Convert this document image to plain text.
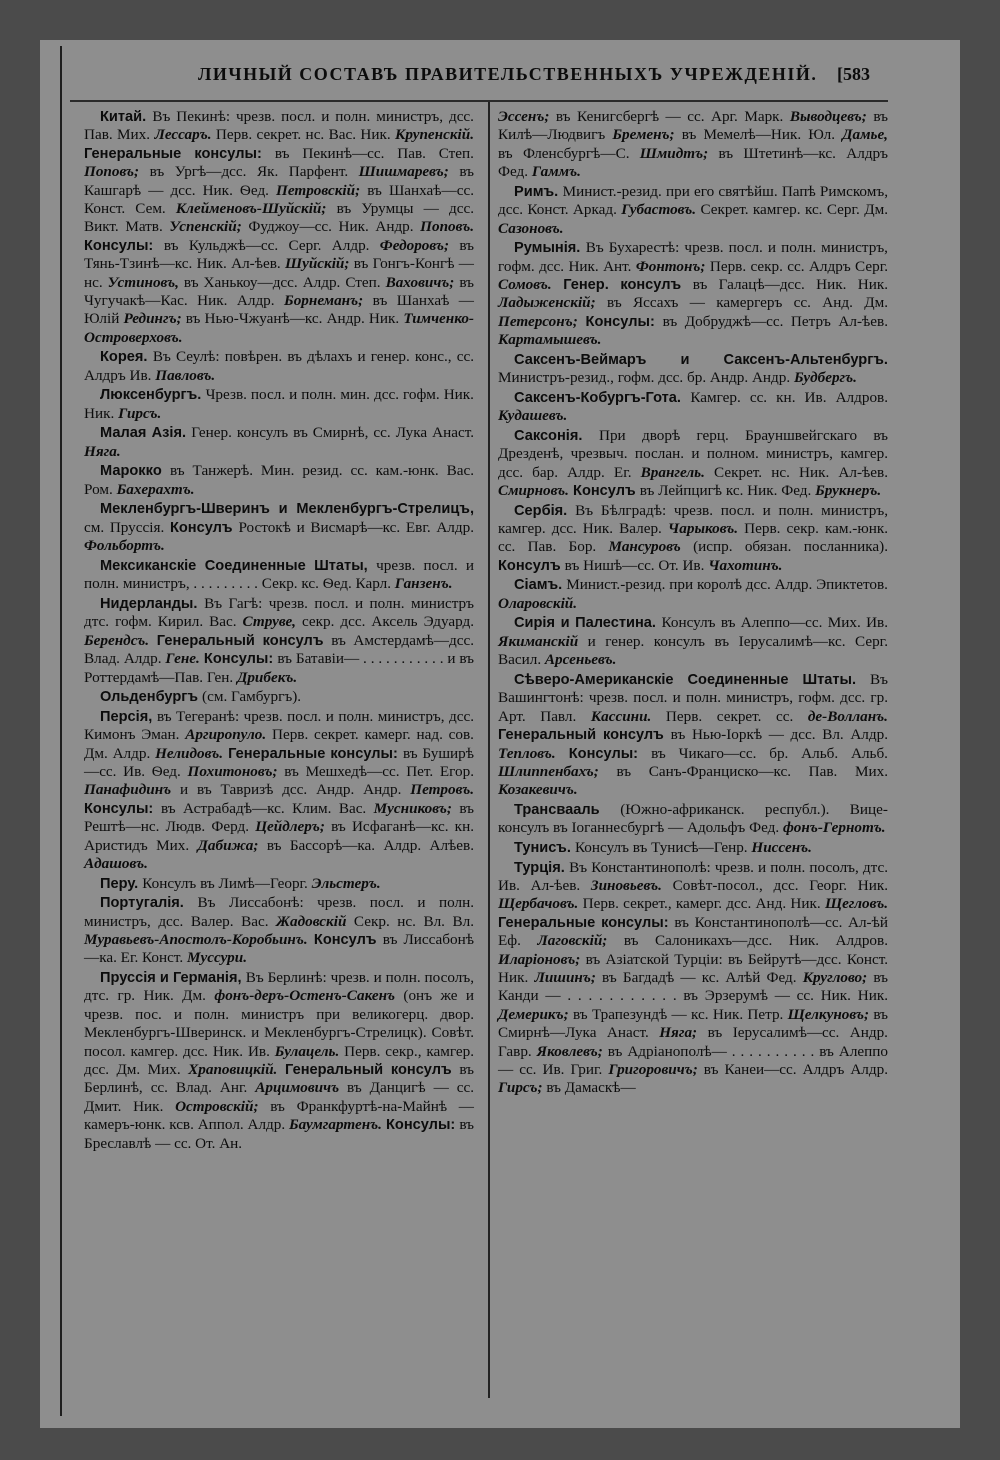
ЛИЧНЫЙ СОСТАВЪ ПРАВИТЕЛЬСТВЕННЫХЪ УЧРЕЖДЕНІЙ. [583

Китай. Въ Пекинѣ: чрезв. посл. и полн. министръ, дсс. Пав. Мих. Лессаръ. Перв. секрет. нс. Вас. Ник. Крупенскій. Генеральные консулы: въ Пекинѣ—сс. Пав. Степ. Поповъ; въ Ургѣ—дсс. Як. Парфент. Шишмаревъ; въ Кашгарѣ — дсс. Ник. Ѳед. Петровскій; въ Шанхаѣ—сс. Конст. Сем. Клейменовъ-Шуйскій; въ Урумцы — дсс. Викт. Матв. Успенскій; Фуджоу—сс. Ник. Андр. Поповъ. Консулы: въ Кульджѣ—сс. Серг. Алдр. Федоровъ; въ Тянь-Тзинѣ—кс. Ник. Ал-ѣев. Шуйскій; въ Гонгъ-Конгѣ — нс. Устиновъ, въ Ханькоу—дсс. Алдр. Степ. Ваховичъ; въ Чугучакѣ—Кас. Ник. Алдр. Борнеманъ; въ Шанхаѣ — Юлій Редингъ; въ Нью-Чжуанѣ—кс. Андр. Ник. Тимченко-Островерховъ.

Корея. Въ Сеулѣ: повѣрен. въ дѣлахъ и генер. конс., сс. Алдръ Ив. Павловъ.

Люксенбургъ. Чрезв. посл. и полн. мин. дсс. гофм. Ник. Ник. Гирсъ.

Малая Азія. Генер. консулъ въ Смирнѣ, сс. Лука Анаст. Няга.

Мароккo въ Танжерѣ. Мин. резид. сс. кам.-юнк. Вас. Ром. Бахерахтъ.

Мекленбургъ-Шверинъ и Мекленбургъ-Стрелицъ, см. Пруссія. Консулъ Ростокѣ и Висмарѣ—кс. Евг. Алдр. Фольбортъ.

Мексиканскіе Соединенные Штаты, чрезв. посл. и полн. министръ, . . . . . . . . . Секр. кс. Ѳед. Карл. Ганзенъ.

Нидерланды. Въ Гагѣ: чрезв. посл. и полн. министръ дтс. гофм. Кирил. Вас. Струве, секр. дсс. Аксель Эдуард. Берендсъ. Генеральный консулъ въ Амстердамѣ—дсс. Влад. Алдр. Гене. Консулы: въ Батавіи— . . . . . . . . . . . и въ Роттердамѣ—Пав. Ген. Дрибекъ.

Ольденбургъ (см. Гамбургъ).

Персія, въ Тегеранѣ: чрезв. посл. и полн. министръ, дсс. Кимонъ Эман. Аргиропуло. Перв. секрет. камерг. над. сов. Дм. Алдр. Нелидовъ. Генеральные консулы: въ Буширѣ—сс. Ив. Ѳед. Похитоновъ; въ Мешхедѣ—сс. Пет. Егор. Панафидинъ и въ Тавризѣ дсс. Андр. Андр. Петровъ. Консулы: въ Астрабадѣ—кс. Клим. Вас. Мусниковъ; въ Рештѣ—нс. Людв. Ферд. Цейдлеръ; въ Исфаганѣ—кс. кн. Аристидъ Мих. Дабижа; въ Бассорѣ—ка. Алдр. Алѣев. Адашовъ.

Перу. Консулъ въ Лимѣ—Георг. Эльстеръ.

Португалія. Въ Лиссабонѣ: чрезв. посл. и полн. министръ, дсс. Валер. Вас. Жадовскій Секр. нс. Вл. Вл. Муравьевъ-Апостолъ-Коробьинъ. Консулъ въ Лиссабонѣ—ка. Ег. Конст. Муссури.

Пруссія и Германія, Въ Берлинѣ: чрезв. и полн. посолъ, дтс. гр. Ник. Дм. фонъ-деръ-Остенъ-Сакенъ (онъ же и чрезв. пос. и полн. министръ при великогерц. двор. Мекленбургъ-Шверинск. и Мекленбургъ-Стрелицк). Совѣт. посол. камгер. дсс. Ник. Ив. Булацель. Перв. секр., камгер. дсс. Дм. Мих. Храповицкій. Генеральный консулъ въ Берлинѣ, сс. Влад. Анг. Арцимовичъ въ Данцигѣ — сс. Дмит. Ник. Островскій; въ Франкфуртѣ-на-Майнѣ — камеръ-юнк. ксв. Аппол. Алдр. Баумгартенъ. Консулы: въ Бреславлѣ — сс. От. Ан.

Эссенъ; въ Кенигсбергѣ — сс. Арг. Марк. Выводцевъ; въ Килѣ—Людвигъ Бременъ; въ Мемелѣ—Ник. Юл. Дамье, въ Фленсбургѣ—С. Шмидтъ; въ Штетинѣ—кс. Алдръ Фед. Гаммъ.

Римъ. Минист.-резид. при его святѣйш. Папѣ Римскомъ, дсс. Конст. Аркад. Губастовъ. Секрет. камгер. кс. Серг. Дм. Сазоновъ.

Румынія. Въ Бухарестѣ: чрезв. посл. и полн. министръ, гофм. дсс. Ник. Ант. Фонтонъ; Перв. секр. сс. Алдръ Серг. Сомовъ. Генер. консулъ въ Галацѣ—дсс. Ник. Ник. Ладыженскій; въ Яссахъ — камергеръ сс. Анд. Дм. Петерсонъ; Консулы: въ Добруджѣ—сс. Петръ Ал-ѣев. Картамышевъ.

Саксенъ-Веймаръ и Саксенъ-Альтенбургъ. Министръ-резид., гофм. дсс. бр. Андр. Андр. Будбергъ.

Саксенъ-Кобургъ-Гота. Камгер. сс. кн. Ив. Алдров. Кудашевъ.

Саксонія. При дворѣ герц. Брауншвейгскаго въ Дрезденѣ, чрезвыч. послан. и полном. министръ, камгер. дсс. бар. Алдр. Ег. Врангель. Секрет. нс. Ник. Ал-ѣев. Смирновъ. Консулъ въ Лейпцигѣ кс. Ник. Фед. Брукнеръ.

Сербія. Въ Бѣлградѣ: чрезв. посл. и полн. министръ, камгер. дсс. Ник. Валер. Чарыковъ. Перв. секр. кам.-юнк. сс. Пав. Бор. Мансуровъ (испр. обязан. посланника). Консулъ въ Нишѣ—сс. От. Ив. Чахотинъ.

Сіамъ. Минист.-резид. при королѣ дсс. Алдр. Эпиктетов. Оларовскій.

Сирія и Палестина. Консулъ въ Алеппо—сс. Мих. Ив. Якиманскій и генер. консулъ въ Іерусалимѣ—кс. Серг. Васил. Арсеньевъ.

Сѣверо-Американскіе Соединенные Штаты. Въ Вашингтонѣ: чрезв. посл. и полн. министръ, гофм. дсс. гр. Арт. Павл. Кассини. Перв. секрет. сс. де-Волланъ. Генеральный консулъ въ Нью-Іоркѣ — дсс. Вл. Алдр. Тепловъ. Консулы: въ Чикаго—сс. бр. Альб. Альб. Шлиппенбахъ; въ Санъ-Франциско—кс. Пав. Мих. Козакевичъ.

Трансвааль (Южно-африканск. республ.). Вице-консулъ въ Іоганнесбургѣ — Адольфъ Фед. фонъ-Гернотъ.

Тунисъ. Консулъ въ Тунисѣ—Генр. Ниссенъ.

Турція. Въ Константинополѣ: чрезв. и полн. посолъ, дтс. Ив. Ал-ѣев. Зиновьевъ. Совѣт-посол., дсс. Георг. Ник. Щербачовъ. Перв. секрет., камерг. дсс. Анд. Ник. Щегловъ. Генеральные консулы: въ Константинополѣ—сс. Ал-ѣй Еф. Лаговскій; въ Салоникахъ—дсс. Ник. Алдров. Иларіоновъ; въ Азіатской Турціи: въ Бейрутѣ—дсс. Конст. Ник. Лишинъ; въ Багдадѣ — кс. Алѣй Фед. Круглово; въ Канди — . . . . . . . . . . . въ Эрзерумѣ — сс. Ник. Ник. Демерикъ; въ Трапезундѣ — кс. Ник. Петр. Щелкуновъ; въ Смирнѣ—Лука Анаст. Няга; въ Іерусалимѣ—сс. Андр. Гавр. Яковлевъ; въ Адріанополѣ— . . . . . . . . . . въ Алеппо — сс. Ив. Григ. Григоровичъ; въ Канеи—сс. Алдръ Алдр. Гирсъ; въ Дамаскѣ—
